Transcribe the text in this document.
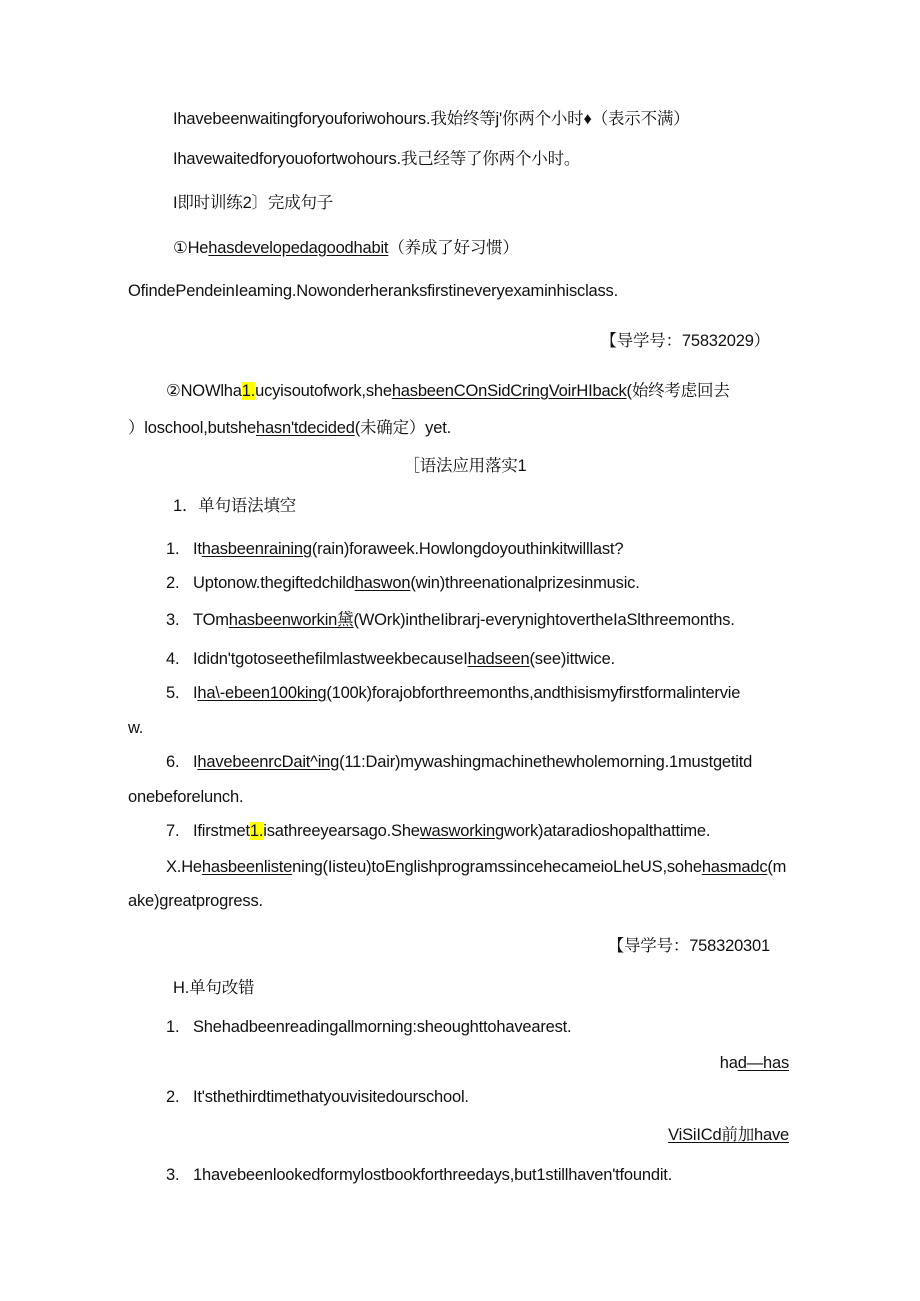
Ihavebeenwaitingforyouforiwohours.我始终等j'你两个小时♦（表示不满）
Ihavewaitedforyouofortwohours.我己经等了你两个小时。
I即时训练2〕完成句子
①Hehasdevelopedagoodhabit（养成了好习惯）
OfindePendeinIeaming.Nowonderheranksfirstineveryexaminhisclass.
【导学号：75832029）
②NOWlha1.ucyisoutofwork,shehasbeenCOnSidCringVoirHIback(始终考虑回去
）loschool,butshehasn'tdecided(未确定）yet.
［语法应用落实1
1．单句语法填空
1. Ithasbeenraining(rain)foraweek.Howlongdoyouthinkitwilllast?
2. Uptonow.thegiftedchildhaswon(win)threenationalprizesinmusic.
3. TOmhasbeenworkin黛(WOrk)intheIibrarj-everynightovertheIaSlthreemonths.
4. Ididn'tgotoseethefilmlastweekbecauseIhadseen(see)ittwice.
5. Iha\-ebeen100king(100k)forajobforthreemonths,andthisismyfirstformalintervie
w.
6. IhavebeenrcDait^ing(11:Dair)mywashingmachinethewholemorning.1mustgetitd
onebeforelunch.
7. Ifirstmet1.isathreeyearsago.Shewasworkingwork)ataradioshopalthattime.
X.Hehasbeenlistening(Iisteu)toEnglishprogramssincehecameioLheUS,sohehasmadc(m
ake)greatprogress.
【导学号：758320301
H.单句改错
1. Shehadbeenreadingallmorning:sheoughttohavearest.
had—has
2. It'sthethirdtimethatyouvisitedourschool.
ViSiICd前加have
3. 1havebeenlookedformylostbookforthreedays,but1stillhaven'tfoundit.
